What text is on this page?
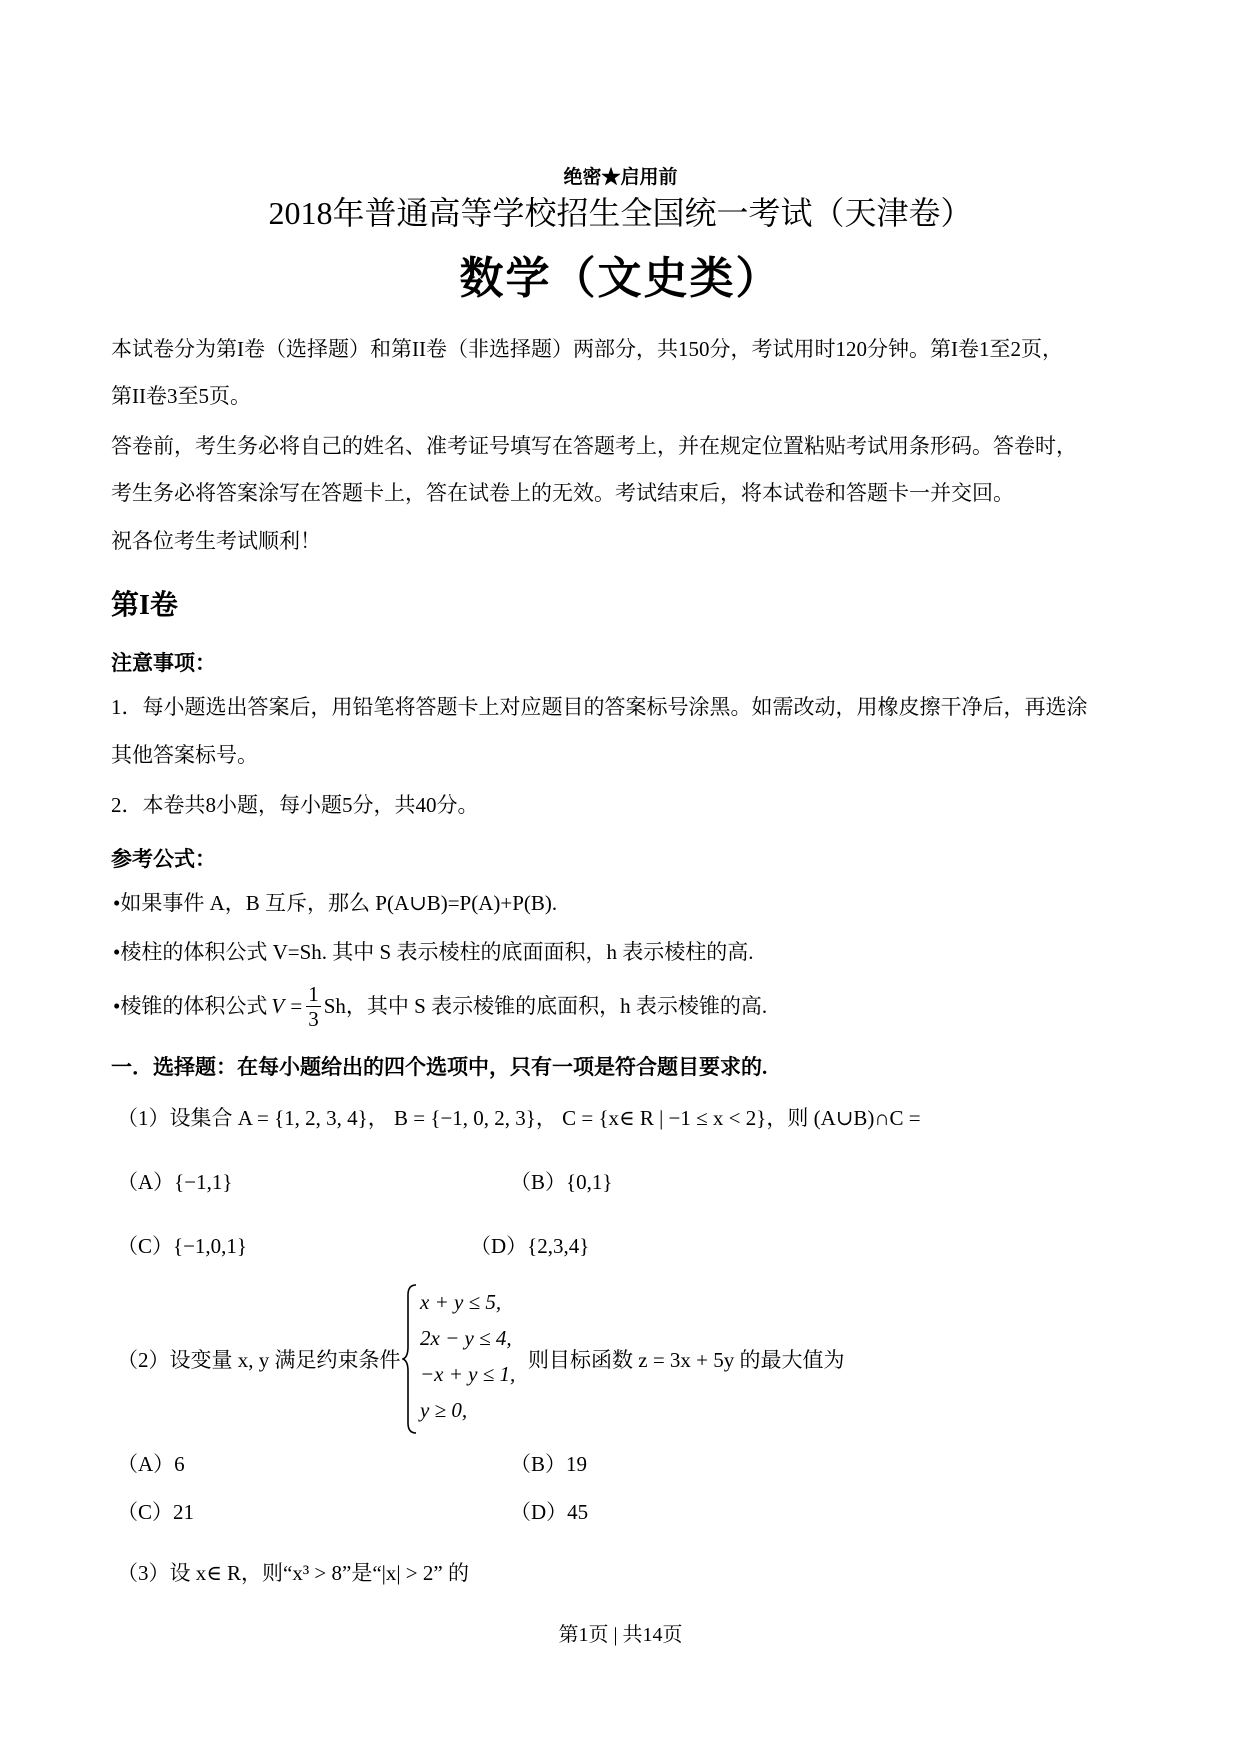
绝密★启用前
2018年普通高等学校招生全国统一考试（天津卷）
数学（文史类）
本试卷分为第I卷（选择题）和第II卷（非选择题）两部分，共150分，考试用时120分钟。第I卷1至2页，
第II卷3至5页。
答卷前，考生务必将自己的姓名、准考证号填写在答题考上，并在规定位置粘贴考试用条形码。答卷时，
考生务必将答案涂写在答题卡上，答在试卷上的无效。考试结束后，将本试卷和答题卡一并交回。
祝各位考生考试顺利！
第I卷
注意事项：
1．每小题选出答案后，用铅笔将答题卡上对应题目的答案标号涂黑。如需改动，用橡皮擦干净后，再选涂
其他答案标号。
2．本卷共8小题，每小题5分，共40分。
参考公式：
•如果事件 A，B 互斥，那么 P(A∪B)=P(A)+P(B).
•棱柱的体积公式 V=Sh. 其中 S 表示棱柱的底面面积，h 表示棱柱的高.
•棱锥的体积公式 $V = \frac{1}{3}$ Sh，其中 S 表示棱锥的底面积，h 表示棱锥的高.
一．选择题：在每小题给出的四个选项中，只有一项是符合题目要求的.
（1）设集合 A = {1, 2, 3, 4}， B = {−1, 0, 2, 3}， C = {x∈ R | −1 ≤ x < 2}，则 (A∪B)∩C =
（A）{−1,1}	（B）{0,1}
（C）{−1,0,1}	（D）{2,3,4}
（2）设变量 x, y 满足约束条件
x + y ≤ 5,
2x − y ≤ 4,
−x + y ≤ 1,
y ≥ 0,
则目标函数 z = 3x + 5y 的最大值为
（A）6	（B）19
（C）21	（D）45
（3）设 x∈ R，则“x³ > 8”是“|x| > 2” 的
第1页 | 共14页
